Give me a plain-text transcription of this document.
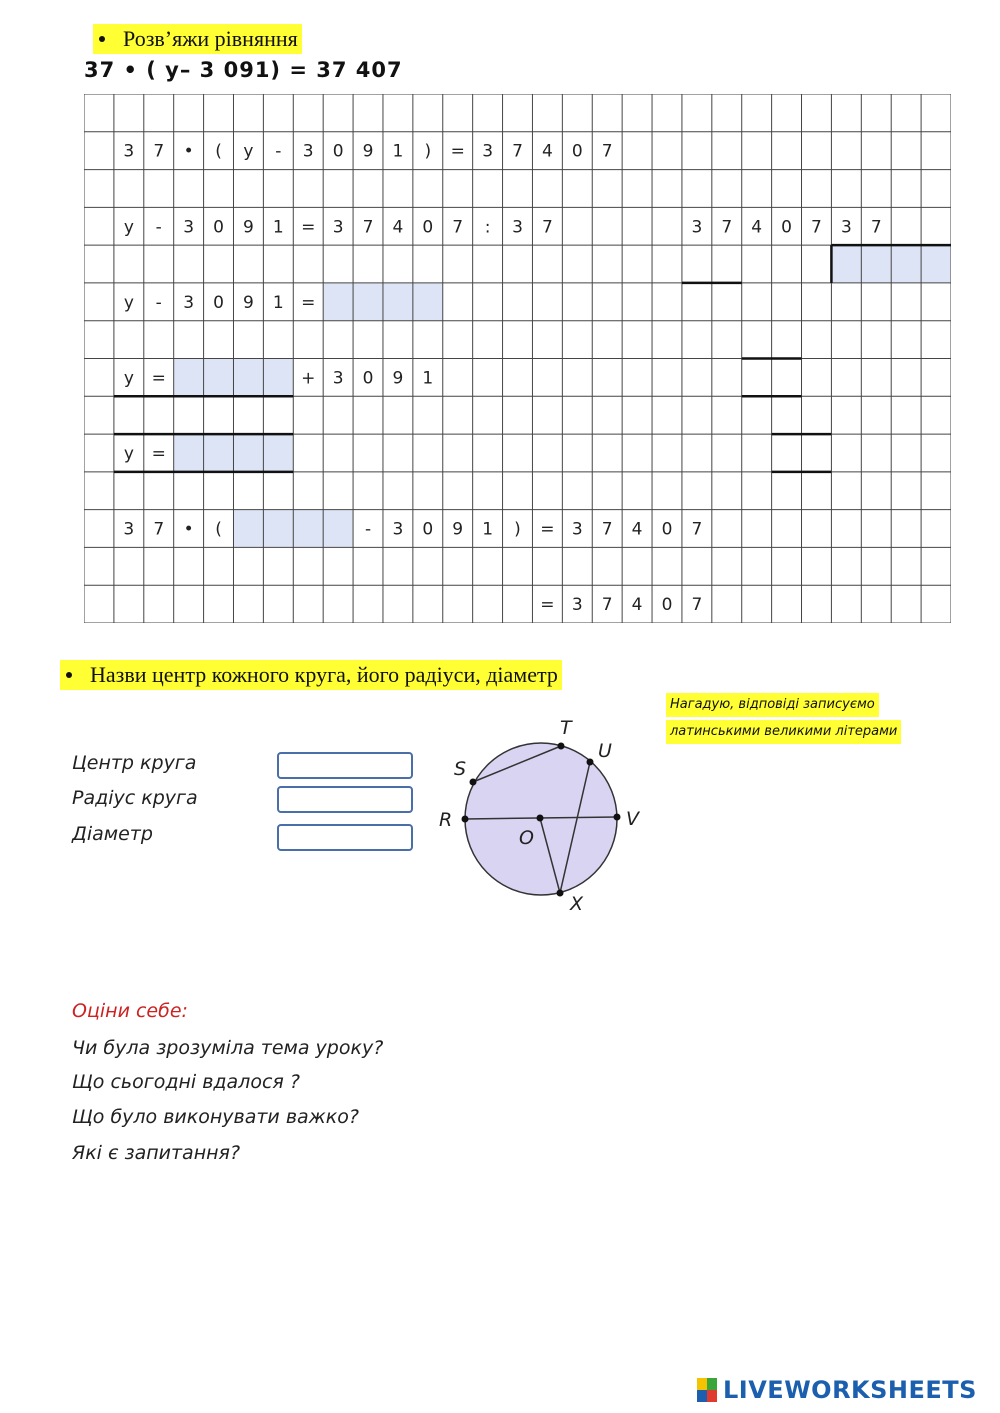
Розв’яжи рівняння
37 • ( y– 3 091) = 37 407
3 7 • ( y - 3 0 9 1 ) = 3 7 4 0 7
y - 3 0 9 1 = 3 7 4 0 7 : 3 7	3 7 4 0 7 3 7
y - 3 0 9 1 =
y =	+ 3 0 9 1
y =
3 7 • (	- 3 0 9 1 ) = 3 7 4 0 7
= 3 7 4 0 7
Назви центр кожного круга, його радіуси, діаметр
Нагадую, відповіді записуємо
латинськими великими літерами
Центр круга
Радіус круга
Діаметр
T
U
S
R
O
V
X
Оціни себе:
Чи була зрозуміла тема уроку?
Що сьогодні вдалося ?
Що було виконувати важко?
Які є запитання?
LIVEWORKSHEETS
